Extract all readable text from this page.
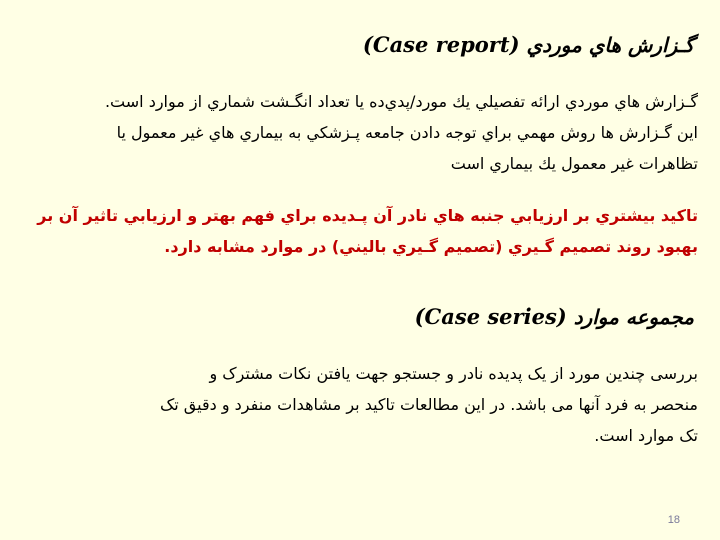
گـزارش هاي موردي (Case report)
گـزارش هاي موردي ارائه تفصيلي يك مورد/پدي‌ده يا تعداد انگـشت شماري از موارد است.
اين گـزارش ها روش مهمي براي توجه دادن جامعه پـزشكي به بيماري هاي غير معمول يا
تظاهرات غير معمول يك بيماري است
تاكيد بيشتري بر ارزيابي جنبه هاي نادر آن پـديده براي فهم بهتر و ارزيابي تاثير آن بر
بهبود روند تصميم گـيري (تصميم گـيري باليني) در موارد مشابه دارد.
مجموعه موارد (Case series)
بررسی چندین مورد از یک پدیده نادر و جستجو جهت یافتن نکات مشترک و
منحصر به فرد آنها می باشد. در این مطالعات تاکید بر مشاهدات منفرد و دقیق تک
تک موارد است.
18
